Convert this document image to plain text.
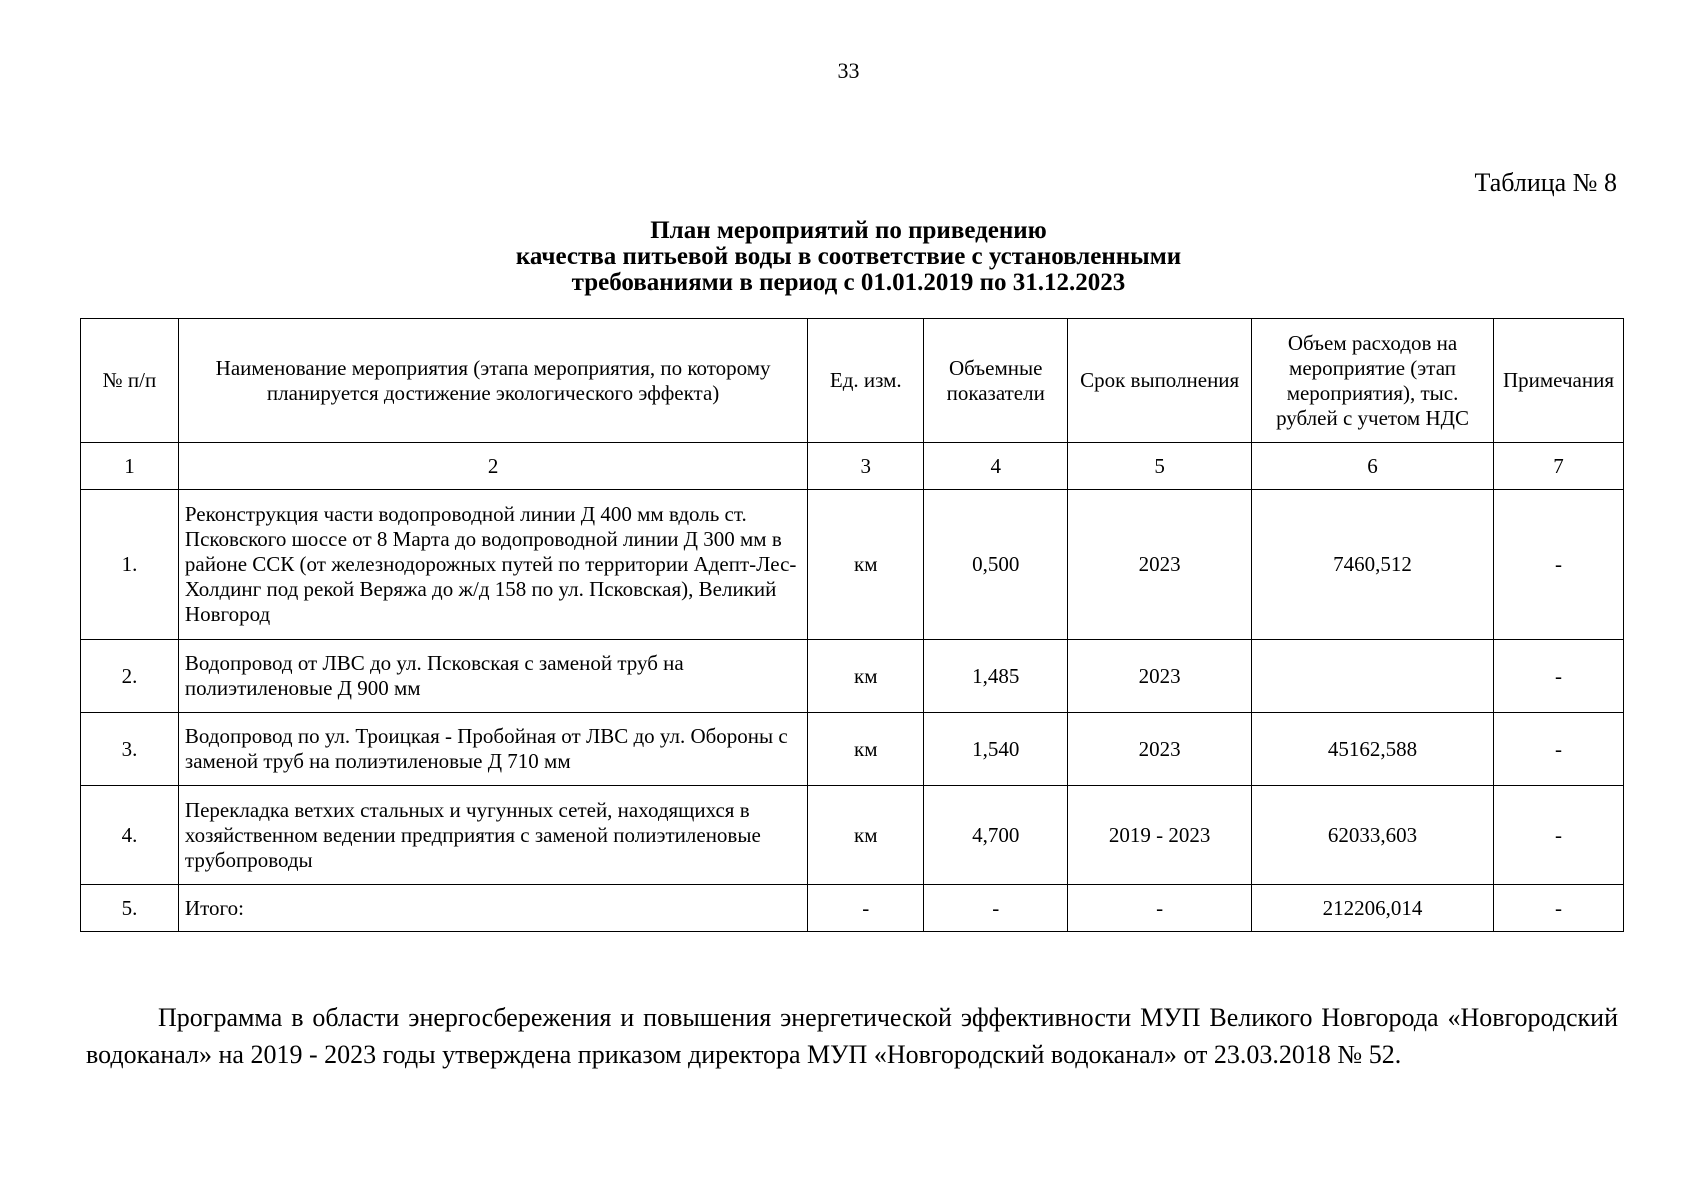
33
Таблица № 8
План мероприятий по приведению
качества питьевой воды в соответствие с установленными
требованиями в период с 01.01.2019 по 31.12.2023
№ п/п	Наименование мероприятия (этапа мероприятия, по которому планируется достижение экологического эффекта)	Ед. изм.	Объемные показатели	Срок выполнения	Объем расходов на мероприятие (этап мероприятия), тыс. рублей с учетом НДС	Примечания
1	2	3	4	5	6	7
1.	Реконструкция части водопроводной линии Д 400 мм вдоль ст. Псковского шоссе от 8 Марта до водопроводной линии Д 300 мм в районе ССК (от железнодорожных путей по территории Адепт-Лес-Холдинг под рекой Веряжа до ж/д 158 по ул. Псковская), Великий Новгород	км	0,500	2023	7460,512	-
2.	Водопровод от ЛВС до ул. Псковская с заменой труб на полиэтиленовые Д 900 мм	км	1,485	2023		-
3.	Водопровод по ул. Троицкая - Пробойная от ЛВС до ул. Обороны с заменой труб на полиэтиленовые Д 710 мм	км	1,540	2023	45162,588	-
4.	Перекладка ветхих стальных и чугунных сетей, находящихся в хозяйственном ведении предприятия с заменой полиэтиленовые трубопроводы	км	4,700	2019 - 2023	62033,603	-
5.	Итого:	-	-	-	212206,014	-

Программа в области энергосбережения и повышения энергетической эффективности МУП Великого Новгорода «Новгородский водоканал» на 2019 - 2023 годы утверждена приказом директора МУП «Новгородский водоканал» от 23.03.2018 № 52.
